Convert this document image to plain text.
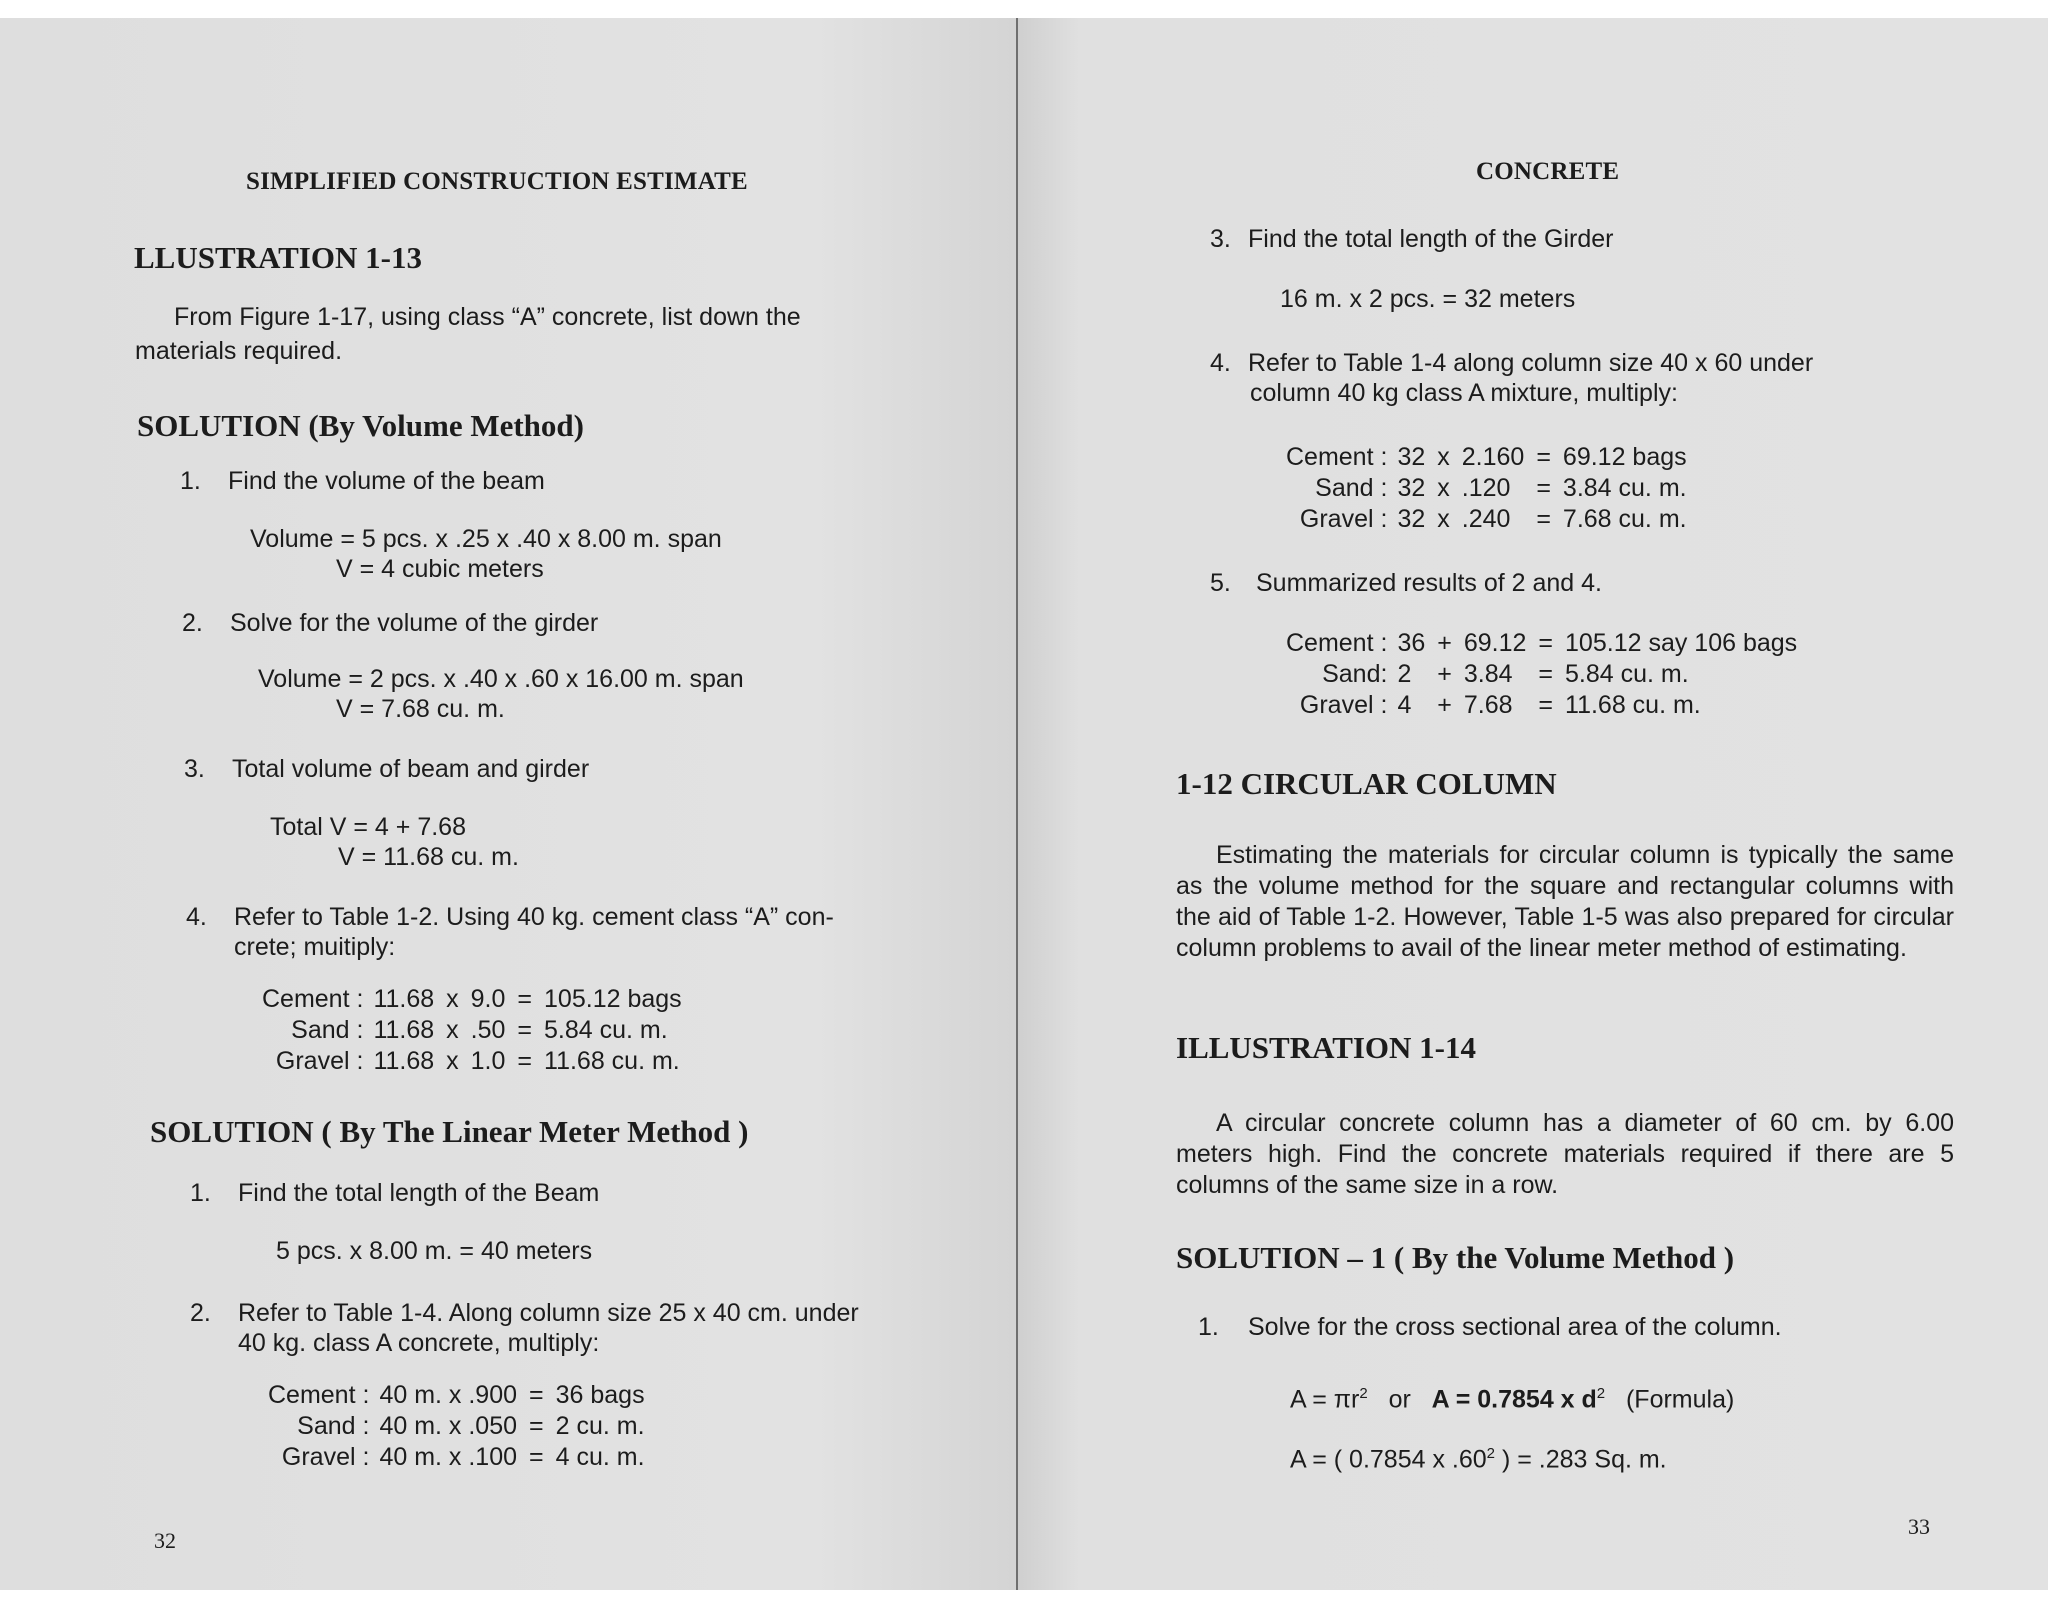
SIMPLIFIED CONSTRUCTION ESTIMATE
LLUSTRATION 1-13
From Figure 1-17, using class “A” concrete, list down the
materials required.
SOLUTION (By Volume Method)
1. Find the volume of the beam
Volume = 5 pcs. x .25 x .40 x 8.00 m. span
V = 4 cubic meters
2. Solve for the volume of the girder
Volume = 2 pcs. x .40 x .60 x 16.00 m. span
V = 7.68 cu. m.
3. Total volume of beam and girder
Total V = 4 + 7.68
V = 11.68 cu. m.
4. Refer to Table 1-2. Using 40 kg. cement class “A” con-
crete; muitiply:
Cement :	11.68	x	9.0	=	105.12 bags
Sand :	11.68	x	.50	=	5.84 cu. m.
Gravel :	11.68	x	1.0	=	11.68 cu. m.
SOLUTION ( By The Linear Meter Method )
1. Find the total length of the Beam
5 pcs. x 8.00 m. = 40 meters
2. Refer to Table 1-4. Along column size 25 x 40 cm. under
40 kg. class A concrete, multiply:
Cement :	40 m. x .900	=	36 bags
Sand :	40 m. x .050	=	2 cu. m.
Gravel :	40 m. x .100	=	4 cu. m.
32
CONCRETE
3. Find the total length of the Girder
16 m. x 2 pcs. = 32 meters
4. Refer to Table 1-4 along column size 40 x 60 under
column 40 kg class A mixture, multiply:
Cement :	32	x	2.160	=	69.12 bags
Sand :	32	x	.120	=	3.84 cu. m.
Gravel :	32	x	.240	=	7.68 cu. m.
5. Summarized results of 2 and 4.
Cement :	36	+	69.12	=	105.12 say 106 bags
Sand:	2	+	3.84	=	5.84 cu. m.
Gravel :	4	+	7.68	=	11.68 cu. m.
1-12 CIRCULAR COLUMN
Estimating the materials for circular column is typically the same as the volume method for the square and rectangular columns with the aid of Table 1-2. However, Table 1-5 was also prepared for circular column problems to avail of the linear meter method of estimating.
ILLUSTRATION 1-14
A circular concrete column has a diameter of 60 cm. by 6.00 meters high. Find the concrete materials required if there are 5 columns of the same size in a row.
SOLUTION – 1 ( By the Volume Method )
1. Solve for the cross sectional area of the column.
$A = \pi r^2$ or A = 0.7854 x $d^2$ (Formula)
A = ( 0.7854 x $.60^2$ ) = .283 Sq. m.
33
